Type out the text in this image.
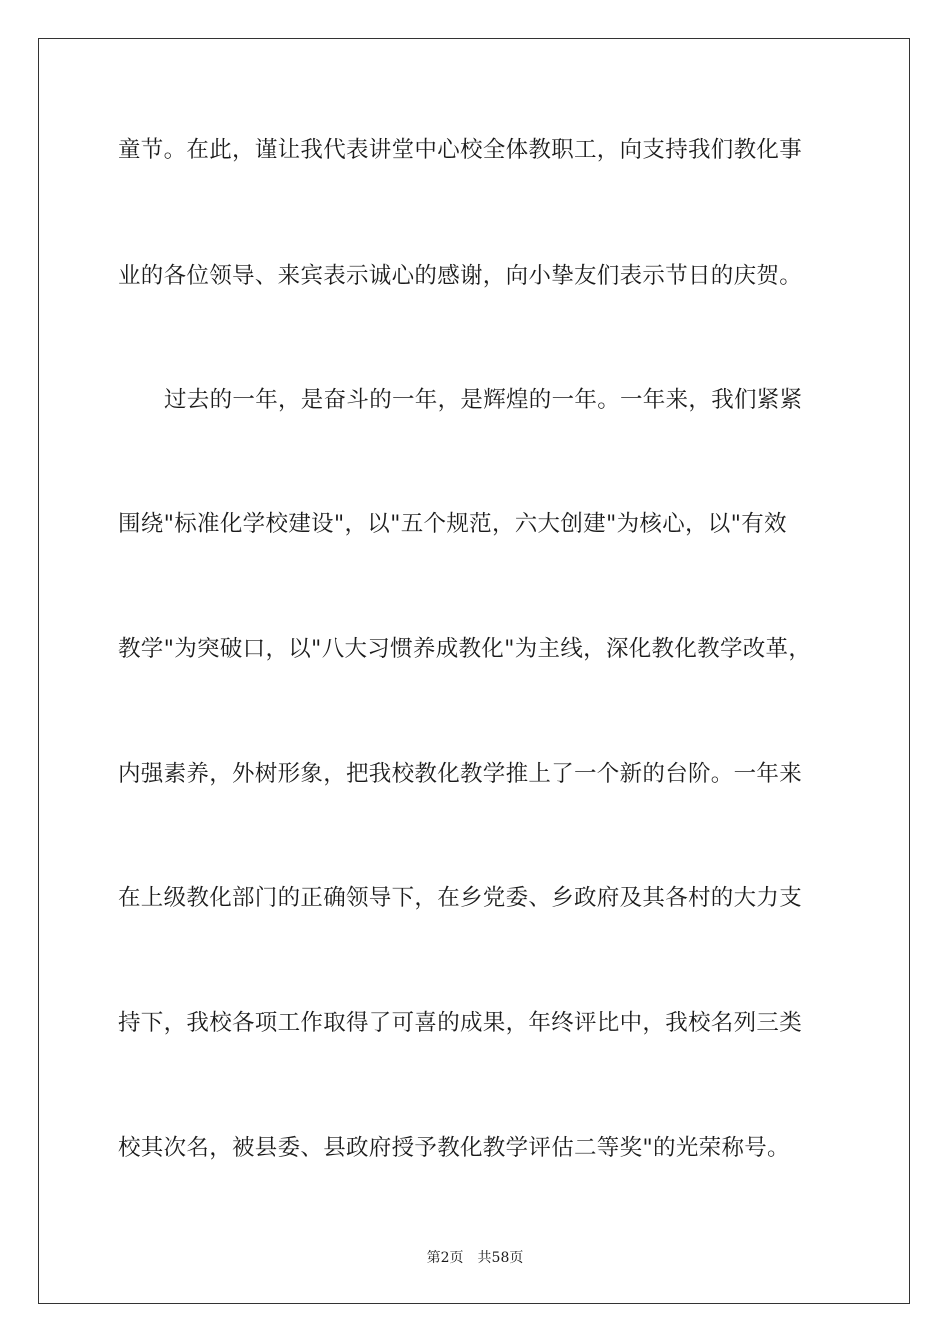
童节。在此，谨让我代表讲堂中心校全体教职工，向支持我们教化事
业的各位领导、来宾表示诚心的感谢，向小挚友们表示节日的庆贺。
过去的一年，是奋斗的一年，是辉煌的一年。一年来，我们紧紧
围绕"标准化学校建设"，以"五个规范，六大创建"为核心，以"有效
教学"为突破口，以"八大习惯养成教化"为主线，深化教化教学改革，
内强素养，外树形象，把我校教化教学推上了一个新的台阶。一年来
在上级教化部门的正确领导下，在乡党委、乡政府及其各村的大力支
持下，我校各项工作取得了可喜的成果，年终评比中，我校名列三类
校其次名，被县委、县政府授予教化教学评估二等奖"的光荣称号。
第2页 共58页
